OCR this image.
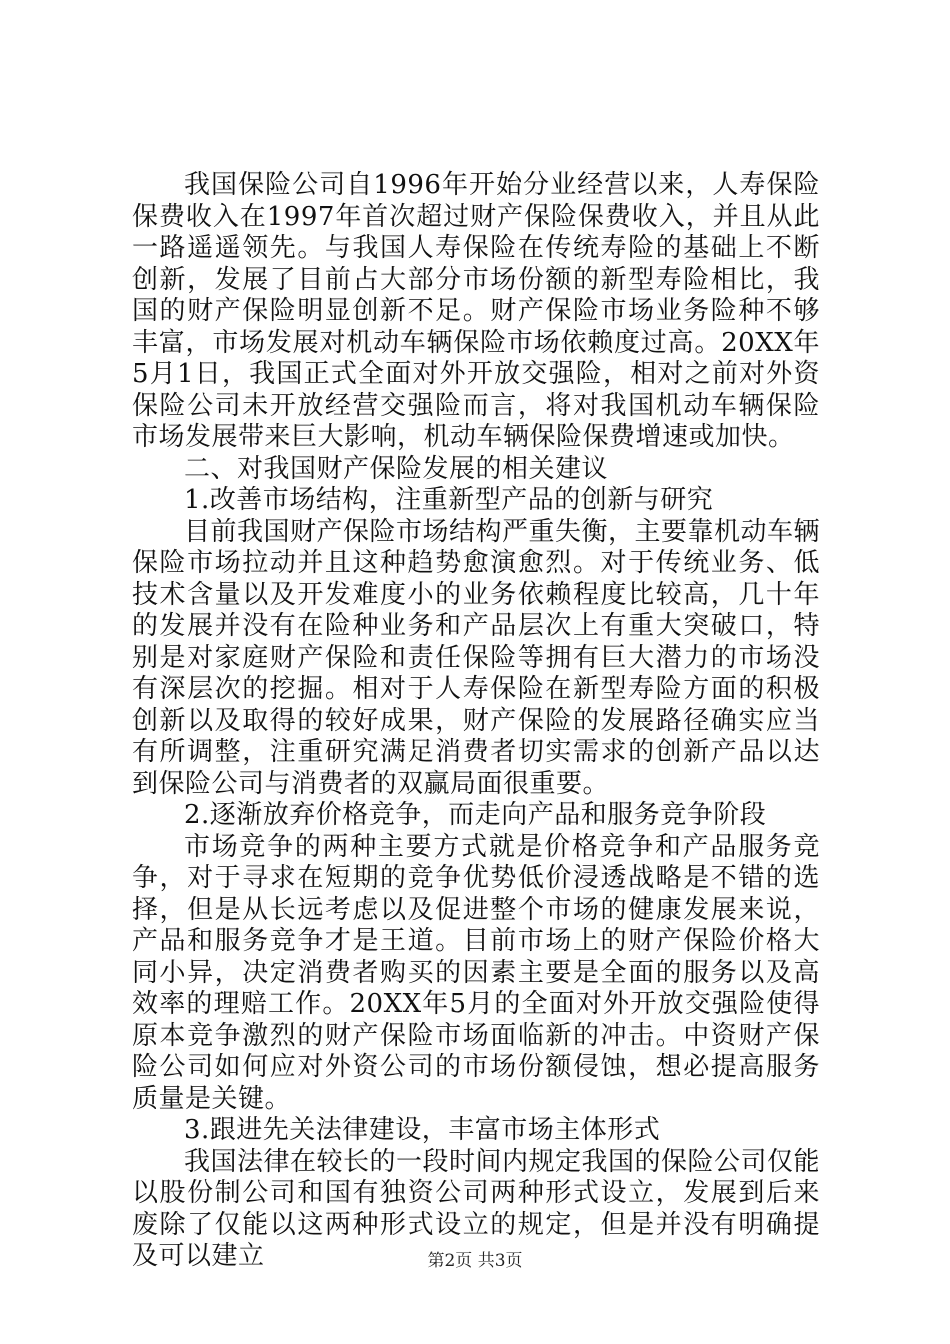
我国保险公司自1996年开始分业经营以来，人寿保险保费收入在1997年首次超过财产保险保费收入，并且从此一路遥遥领先。与我国人寿保险在传统寿险的基础上不断创新，发展了目前占大部分市场份额的新型寿险相比，我国的财产保险明显创新不足。财产保险市场业务险种不够丰富，市场发展对机动车辆保险市场依赖度过高。20XX年5月1日，我国正式全面对外开放交强险，相对之前对外资保险公司未开放经营交强险而言，将对我国机动车辆保险市场发展带来巨大影响，机动车辆保险保费增速或加快。

二、对我国财产保险发展的相关建议

1.改善市场结构，注重新型产品的创新与研究

目前我国财产保险市场结构严重失衡，主要靠机动车辆保险市场拉动并且这种趋势愈演愈烈。对于传统业务、低技术含量以及开发难度小的业务依赖程度比较高，几十年的发展并没有在险种业务和产品层次上有重大突破口，特别是对家庭财产保险和责任保险等拥有巨大潜力的市场没有深层次的挖掘。相对于人寿保险在新型寿险方面的积极创新以及取得的较好成果，财产保险的发展路径确实应当有所调整，注重研究满足消费者切实需求的创新产品以达到保险公司与消费者的双赢局面很重要。

2.逐渐放弃价格竞争，而走向产品和服务竞争阶段

市场竞争的两种主要方式就是价格竞争和产品服务竞争，对于寻求在短期的竞争优势低价浸透战略是不错的选择，但是从长远考虑以及促进整个市场的健康发展来说，产品和服务竞争才是王道。目前市场上的财产保险价格大同小异，决定消费者购买的因素主要是全面的服务以及高效率的理赔工作。20XX年5月的全面对外开放交强险使得原本竞争激烈的财产保险市场面临新的冲击。中资财产保险公司如何应对外资公司的市场份额侵蚀，想必提高服务质量是关键。

3.跟进先关法律建设，丰富市场主体形式

我国法律在较长的一段时间内规定我国的保险公司仅能以股份制公司和国有独资公司两种形式设立，发展到后来废除了仅能以这两种形式设立的规定，但是并没有明确提及可以建立	第2页 共3页
